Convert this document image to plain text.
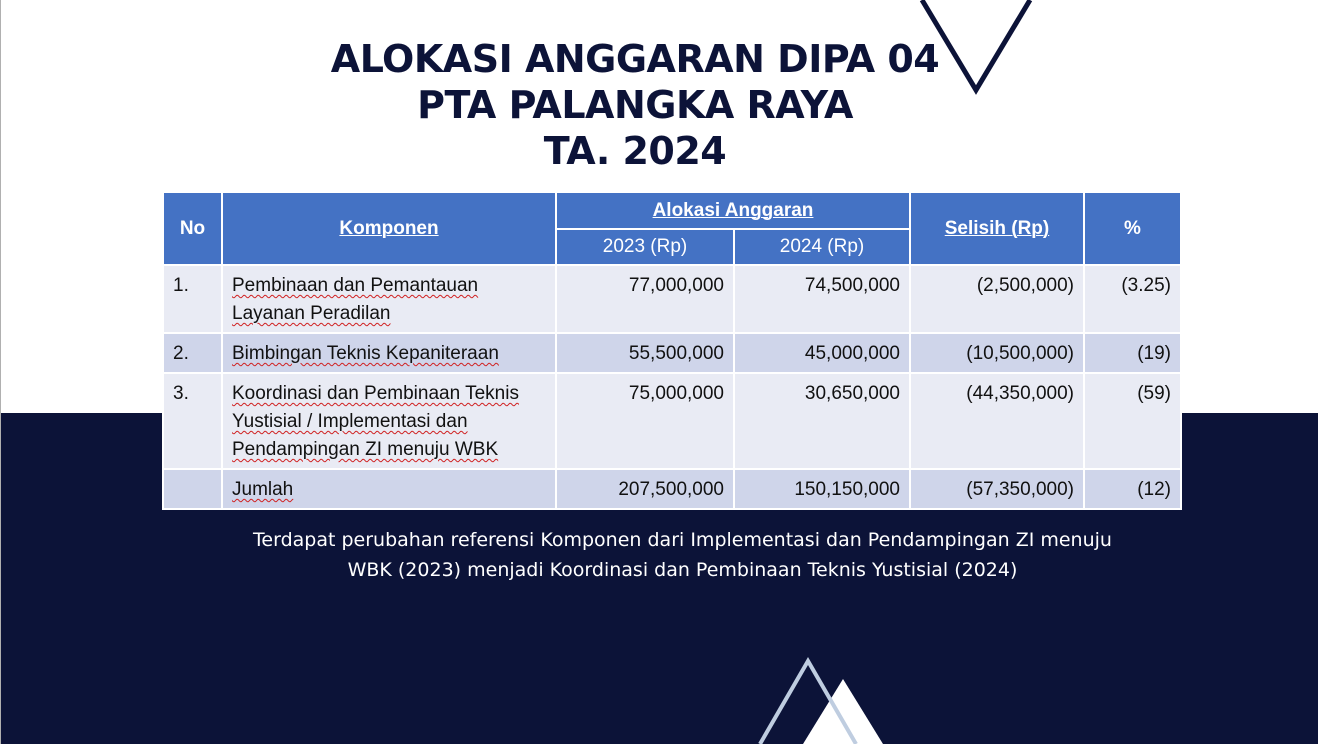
ALOKASI ANGGARAN DIPA 04
PTA PALANGKA RAYA
TA. 2024
No	Komponen	Alokasi Anggaran		Selisih (Rp)	%
		2023 (Rp)	2024 (Rp)		
1.	Pembinaan dan Pemantauan
Layanan Peradilan	77,000,000	74,500,000	(2,500,000)	(3.25)
2.	Bimbingan Teknis Kepaniteraan	55,500,000	45,000,000	(10,500,000)	(19)
3.	Koordinasi dan Pembinaan Teknis
Yustisial / Implementasi dan
Pendampingan ZI menuju WBK	75,000,000	30,650,000	(44,350,000)	(59)
	Jumlah	207,500,000	150,150,000	(57,350,000)	(12)
Terdapat perubahan referensi Komponen dari Implementasi dan Pendampingan ZI menuju
WBK (2023) menjadi Koordinasi dan Pembinaan Teknis Yustisial (2024)
